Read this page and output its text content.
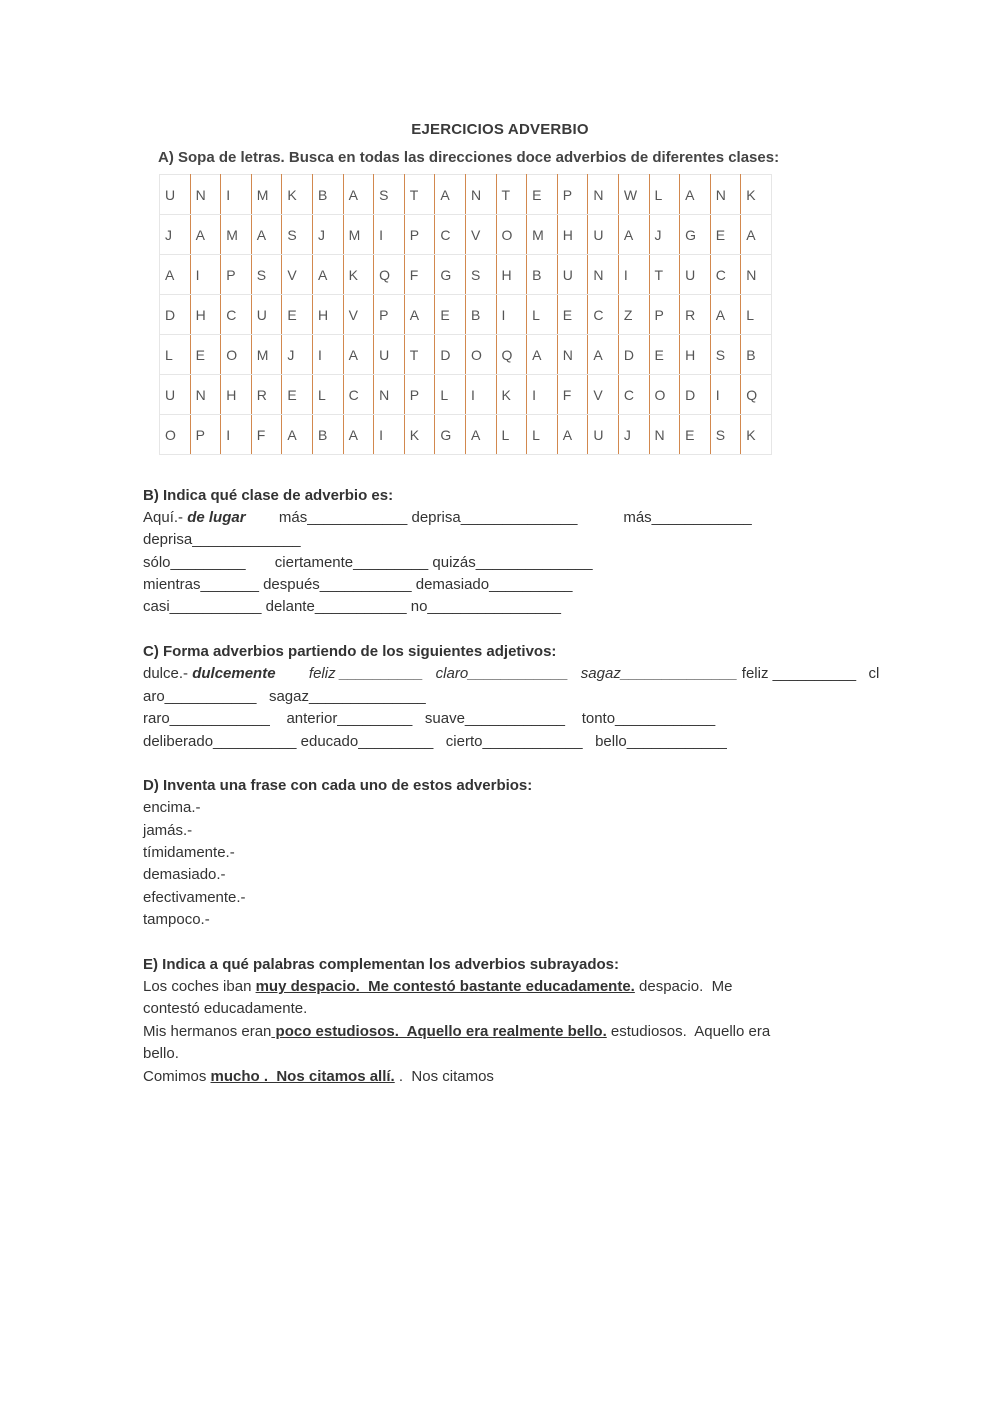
EJERCICIOS ADVERBIO
A) Sopa de letras. Busca en todas las direcciones doce adverbios de diferentes clases:
U	N	I	M	K	B	A	S	T	A	N	T	E	P	N	W	L	A	N	K
J	A	M	A	S	J	M	I	P	C	V	O	M	H	U	A	J	G	E	A
A	I	P	S	V	A	K	Q	F	G	S	H	B	U	N	I	T	U	C	N
D	H	C	U	E	H	V	P	A	E	B	I	L	E	C	Z	P	R	A	L
L	E	O	M	J	I	A	U	T	D	O	Q	A	N	A	D	E	H	S	B
U	N	H	R	E	L	C	N	P	L	I	K	I	F	V	C	O	D	I	Q
O	P	I	F	A	B	A	I	K	G	A	L	L	A	U	J	N	E	S	K
B) Indica qué clase de adverbio es:
Aquí.- de lugar        más____________ deprisa______________           más____________
deprisa_____________
sólo_________       ciertamente_________ quizás______________
mientras_______ después___________ demasiado__________
casi___________ delante___________ no________________
C) Forma adverbios partiendo de los siguientes adjetivos:
dulce.- dulcemente feliz __________   claro____________   sagaz______________ feliz __________   cl
aro___________   sagaz______________
raro____________    anterior_________   suave____________    tonto____________
deliberado__________ educado_________   cierto____________   bello____________
D) Inventa una frase con cada uno de estos adverbios:
encima.-
jamás.-
tímidamente.-
demasiado.-
efectivamente.-
tampoco.-
E) Indica a qué palabras complementan los adverbios subrayados:
Los coches iban muy despacio.  Me contestó bastante educadamente. despacio.  Me
contestó educadamente.
Mis hermanos eran poco estudiosos.  Aquello era realmente bello. estudiosos.  Aquello era
bello.
Comimos mucho .  Nos citamos allí. .  Nos citamos
